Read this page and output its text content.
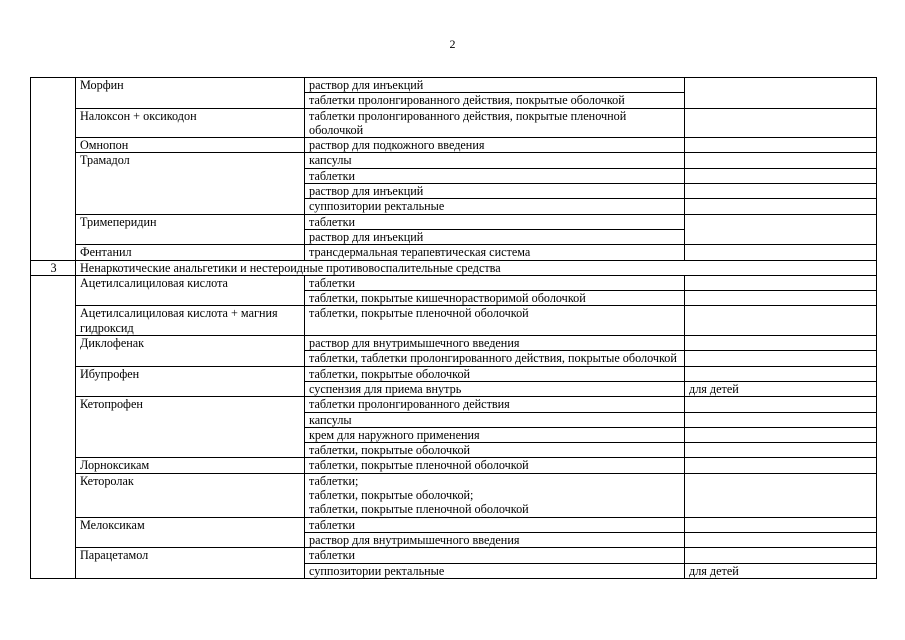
2
	Морфин	раствор для инъекций	
		таблетки пролонгированного действия, покрытые оболочкой	
	Налоксон + оксикодон	таблетки пролонгированного действия, покрытые пленочной оболочкой	
	Омнопон	раствор для подкожного введения	
	Трамадол	капсулы	
		таблетки	
		раствор для инъекций	
		суппозитории ректальные	
	Тримеперидин	таблетки	
		раствор для инъекций	
	Фентанил	трансдермальная терапевтическая система	
3	Ненаркотические анальгетики и нестероидные противовоспалительные средства		
	Ацетилсалициловая кислота	таблетки	
		таблетки, покрытые кишечнорастворимой оболочкой	
	Ацетилсалициловая кислота + магния гидроксид	таблетки, покрытые пленочной оболочкой	
	Диклофенак	раствор для внутримышечного введения	
		таблетки, таблетки пролонгированного действия, покрытые оболочкой	
	Ибупрофен	таблетки, покрытые оболочкой	
		суспензия для приема внутрь	для детей
	Кетопрофен	таблетки пролонгированного действия	
		капсулы	
		крем для наружного применения	
		таблетки, покрытые оболочкой	
	Лорноксикам	таблетки, покрытые пленочной оболочкой	
	Кеторолак	таблетки;
таблетки, покрытые оболочкой;
таблетки, покрытые пленочной оболочкой	

	Мелоксикам	таблетки	
		раствор для внутримышечного введения	
	Парацетамол	таблетки	
		суппозитории ректальные	для детей
